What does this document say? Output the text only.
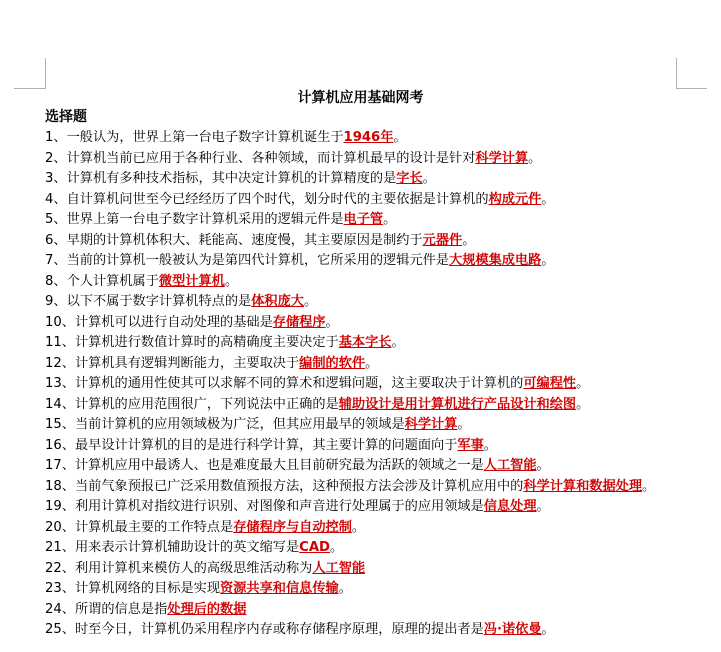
计算机应用基础网考
选择题
1、一般认为，世界上第一台电子数字计算机诞生于1946年。
2、计算机当前已应用于各种行业、各种领域，而计算机最早的设计是针对科学计算。
3、计算机有多种技术指标，其中决定计算机的计算精度的是字长。
4、自计算机问世至今已经经历了四个时代，划分时代的主要依据是计算机的构成元件。
5、世界上第一台电子数字计算机采用的逻辑元件是电子管。
6、早期的计算机体积大、耗能高、速度慢，其主要原因是制约于元器件。
7、当前的计算机一般被认为是第四代计算机，它所采用的逻辑元件是大规模集成电路。
8、个人计算机属于微型计算机。
9、以下不属于数字计算机特点的是体积庞大。
10、计算机可以进行自动处理的基础是存储程序。
11、计算机进行数值计算时的高精确度主要决定于基本字长。
12、计算机具有逻辑判断能力，主要取决于编制的软件。
13、计算机的通用性使其可以求解不同的算术和逻辑问题，这主要取决于计算机的可编程性。
14、计算机的应用范围很广，下列说法中正确的是辅助设计是用计算机进行产品设计和绘图。
15、当前计算机的应用领域极为广泛，但其应用最早的领域是科学计算。
16、最早设计计算机的目的是进行科学计算，其主要计算的问题面向于军事。
17、计算机应用中最诱人、也是难度最大且目前研究最为活跃的领域之一是人工智能。
18、当前气象预报已广泛采用数值预报方法，这种预报方法会涉及计算机应用中的科学计算和数据处理。
19、利用计算机对指纹进行识别、对图像和声音进行处理属于的应用领域是信息处理。
20、计算机最主要的工作特点是存储程序与自动控制。
21、用来表示计算机辅助设计的英文缩写是CAD。
22、利用计算机来模仿人的高级思维活动称为人工智能
23、计算机网络的目标是实现资源共享和信息传输。
24、所谓的信息是指处理后的数据
25、时至今日，计算机仍采用程序内存或称存储程序原理，原理的提出者是冯·诺依曼。
